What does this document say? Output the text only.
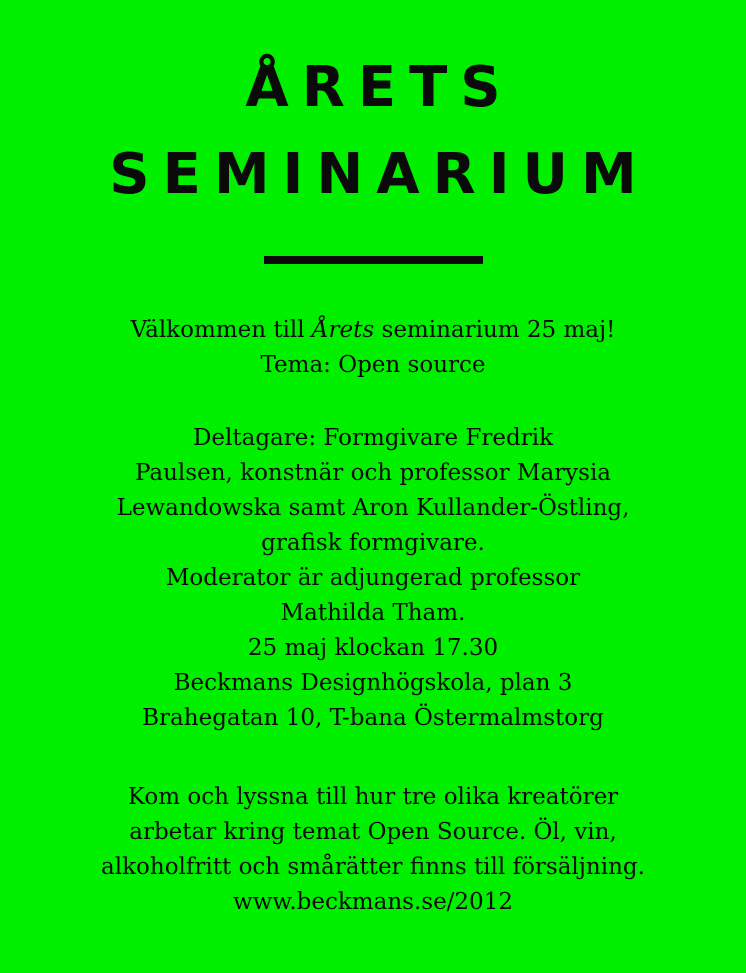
ÅRETS
SEMINARIUM

Välkommen till Årets seminarium 25 maj!

Tema: Open source

Deltagare: Formgivare Fredrik

Paulsen, konstnär och professor Marysia

Lewandowska samt Aron Kullander-Östling,

grafisk formgivare.

Moderator är adjungerad professor

Mathilda Tham.

25 maj klockan 17.30

Beckmans Designhögskola, plan 3

Brahegatan 10, T-bana Östermalmstorg

Kom och lyssna till hur tre olika kreatörer

arbetar kring temat Open Source. Öl, vin,

alkoholfritt och smårätter finns till försäljning.

www.beckmans.se/2012
